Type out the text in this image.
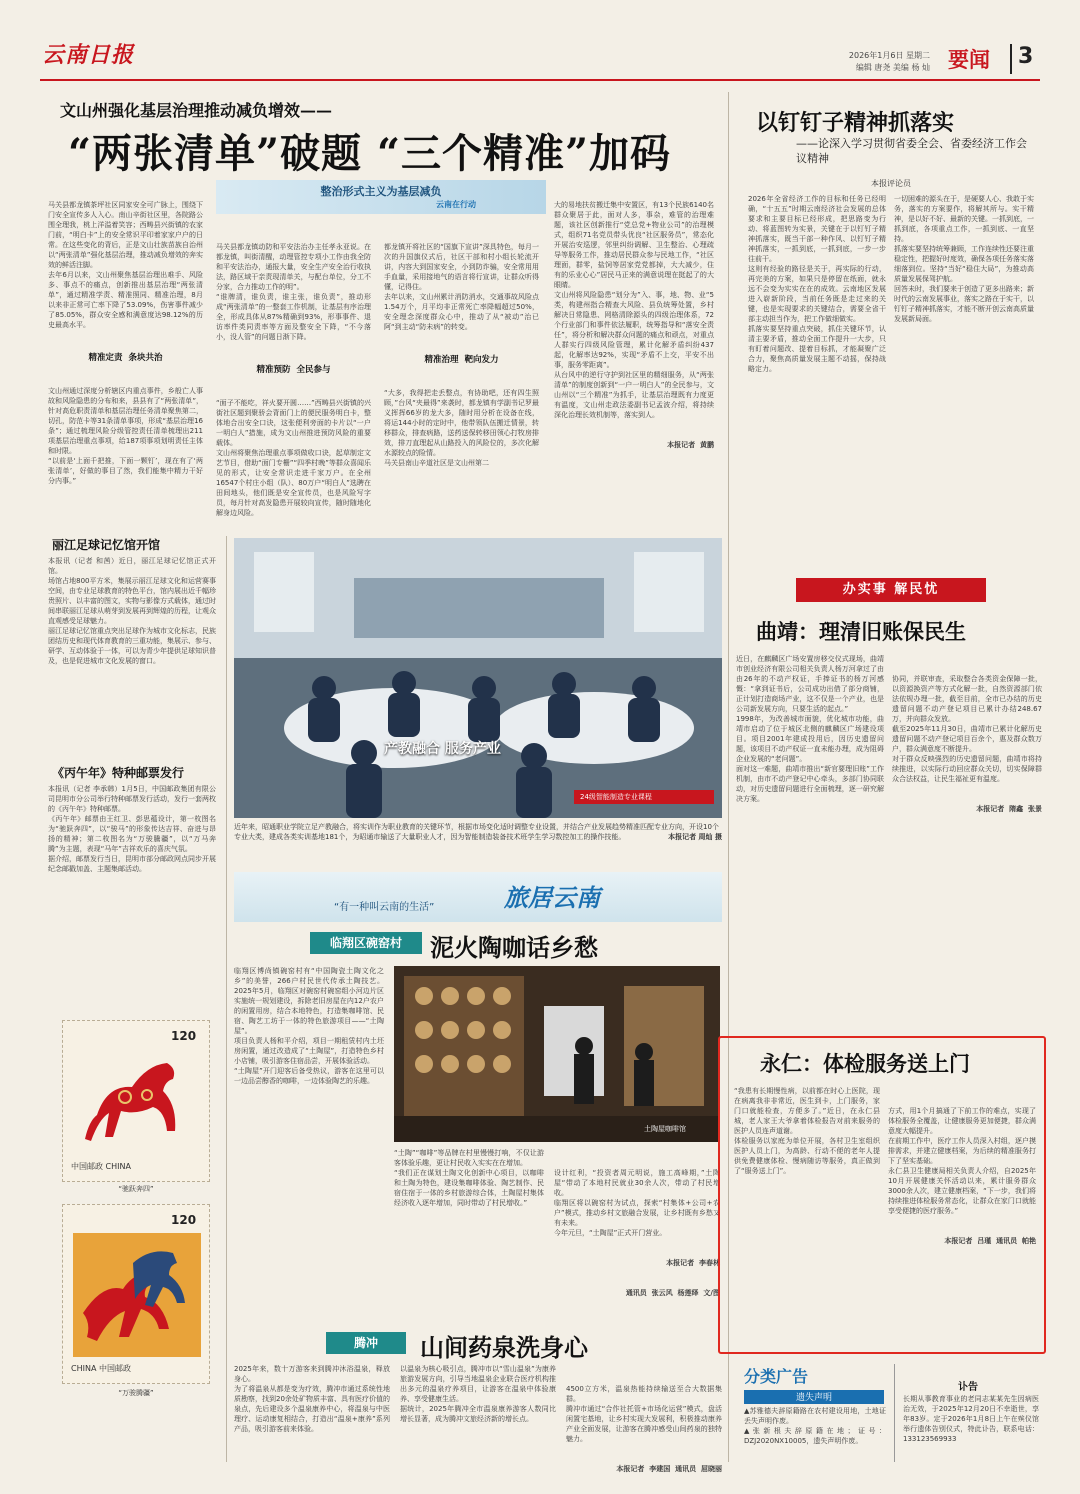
云南日报	2026年1月6日 星期二
编辑 唐尧 美编 杨 灿 要闻	3
文山州强化基层治理推动减负增效——
“两张清单”破题 “三个精准”加码

马关县都龙镇茶坪社区同家安全可广脉上，围绕下门安全宣传多人入心。南山辛街社区里，各院路公围全理我，桃上洋溢着笑容；西畴县兴街镇的农家门前，“明白卡”上的安全常识平印着家家户户的日常。在这些变化的背后，正是文山壮族苗族自治州以“两张清单”强化基层治理，推动减负增效的奔实效的鲜活注脚。
去年6月以来，文山州聚焦基层治理出难手、风险多、事点不的痛点，创新推出基层治理“两张清单”，通过精准学责、精准照同、精准治理，8月以来非正常可亡率下降了53.09%，伤害事件减少了85.05%，群众安全感和满意度达98.12%的历史最高水平。

精准定责  条块共治

文山州通过深度分析辖区内重点事件，乡般亡人事故和风险隐患的分布和来，县县有了“两张清单”，针对高危职责清单和基层治理任务清单聚焦第二，切孔，防范卡等31条清单事项，形成“基层治理16条”；通过梳理风险分级管控责任清单梳理出211项基层治理重点事项，给187项事项划明责任主体和时限。
“以前是‘上面千把推，下面一颗钉’，现在有了‘两张清单’，好做的事目了然，我们能集中精力干好分内事。”

整治形式主义为基层减负
云南在行动

马关县都龙镇动防和平安法治办主任孝永亚说。在都龙镇，叫街清醒，动理管控专项小工作由我全防和平安法治办，通报大量，安全生产安全治行收执法，路区域干亲责现清单关，与配台单位，分工不分家，合力推动工作的明”。
“谁牌清，谁负责，谁主张，谁负责”，推动形成“两张清单”的一整套工作机制，让基层有序治理全，形成具体从87%精确到93%，形事事件、退访率件类同责率等方面及整安全下降，“不今落小，没人管”的问题日渐下降。

精准预防  全民参与

“面子不能吃，祥火要开圆……”西畴县兴街镇的兴街社区题到聚骄会背面门上的便民服务明白卡，整体地合出安全口诀，这张便利旁面的卡片以“一户一明白人”措施，成为文山州推进预防风险的重要载体。
文山州将聚焦治理重点事项做收口诀，起草制定文艺节目，借助“面门专栅”“四季村晚”等群众喜闻乐见的形式，让安全常识走进千家万户。在全州16547个村庄小组（队）、80万户“明白人”选聘在田间地头，他们既是安全宣传员，也是风险写字员，每月针对高发隐患开展较向宣传，随时随地化解身边风险。

都龙镇开将社区的“国旗下宣讲”深具特色，每月一次的升国旗仪式后，社区干部和村小组长轮流开讲，内容大到国家安全，小到防诈骗，安全常用用手血量，采用接地气的语言将行宣讲，让群众听得懂，记得住。
去年以来，文山州累计消防消水，交通事故风险点1.54万个，月平均非正常死亡率降幅超过50%，安全理念深度群众心中，推动了从“被动”治已阿“到主动“防未病”的转变。

精准治理  靶向发力

“大多，我得把走丢整点，有协助吧，还有四生照顾，”台风“夹最得”来袭时，都龙镇有学副书记罗最义挥挥66岁的龙大多，随时用分析在设备在线，将运144小时的定时中，他带领队伍搬迁情景，转移群众，排查病路，送药送保转移田领心打牧房排效，排刀直理起从山路投入的风险位的，多次化解水源较点的险情。
马关县南山辛道社区是文山州第二

大的易地扶贫搬迁集中安置区，有13个民族6140名群众聚居于此，面对人多，事杂，难管的治理难题，该社区创新推行“党总党+物业公司”的治理模式，组织71名党员带头优良“社区服务员”，常态化开展治安巡逻，邻里纠纷调解、卫生整治、心理疏导等服务工作，推动居民群众参与民地工作，“社区理面，群零，盐饲等居家党党都掉，大大减少，住有的乐业心心”居民马正来的满意说理在挺起了的大眼睛。
文山州将风险隐患“划分为”入、事，地、物、业“5类，构建州指合精查大风险、县负统筹处置，乡村解决日常隐患、网格清除源头的四级治理体系，72个行业部门和事件依法履职，统筹指导和“落安全责任”，将分析和解决群众问题的痛点和顽点，对重点人群实行四级风险管理，累计化解矛盾纠纷437起，化解率达92%，实现“矛盾不上交，平安不出事，服务零距离”。
从台风中的逆行守护到社区里的精细服务，从“两张清单”的制度创新到“一户一明白人”的全民参与，文山州以“三个精准”为抓手，让基层治理既有力度更有温度，文山州走政法委副书记孟波介绍，将持续深化治理长效机制等，落实到人。

本报记者  黄鹏

以钉钉子精神抓落实
——论深入学习贯彻省委全会、省委经济工作会议精神
本报评论员
2026年全省经济工作的目标和任务已经明确，“十五五”时期云南经济社会发展的总体要求和主要目标已经形成，把思路变为行动、将蓝图转为实景，关键在于以钉钉子精神抓落实，既当干部一种作风、以钉钉子精神抓落实，一抓到底，一抓到底，一步一步往前干。
这则有经验的路径是关于，再实际的行动，再完美的方案，如果只是停留在纸面，就永远不会变为实实在在的成效。云南地区发展进入崭新阶段，当前任务既是走过来的关键，也是实现要求的关键结合，需要全省干部主动担当作为，把工作做细做实。
抓落实要坚持重点突破，抓住关键环节，认清主要矛盾，推动全面工作提升一大步，只有盯着问题改、提着目标抓，才能凝聚广泛合力，聚焦高质量发展主题不动摇，保持战略定力。
一切困难的源头在于，是硬要人心、我敢于实务，落实的方案要作，将解其所与。实干精神，是以好不好、最新的关键。一抓到底，一抓到底，各项重点工作，一抓到底、一直坚持。
抓落实要坚持统筹兼顾，工作连续性还要注重稳定性，把握好时度效，确保各项任务落实落细落到位。坚持“当好“稳住大局”，为推动高质量发展保驾护航。
回答未时，我们要来于创造了更多出路来；新时代的云南发展事业，落实之路在于实干，以钉钉子精神抓落实，才能不断开创云南高质量发展新局面。
丽江足球记忆馆开馆
本报讯（记者 和茜）近日，丽江足球记忆馆正式开馆。
场馆占地800平方米，集展示丽江足球文化和运营赛事空间，由专业足球教育的特色平台，馆内展出近千幅珍贵照片、以丰富的图文，实物与影像方式载体，通过时间串联丽江足球从萌芽到发展再到辉煌的历程，让观众直观感受足球魅力。
丽江足球记忆馆重点突出足球作为城市文化标志，民族团结历史和现代体育教育的三重功能，集展示、参与、研学、互动体验于一体，可以为青少年提供足球知识普及，也是促进城市文化发展的窗口。
《丙午年》特种邮票发行
本报讯（记者 李承韩）1月5日，中国邮政集团有限公司昆明市分公司举行特种邮票发行活动，发行一套两枚的《丙午年》特种邮票。
《丙午年》邮票由王红卫、彭思蕴设计，第一枚图名为“驰跃奔四”，以“骏马”的形象传达吉祥、奋进与昂扬的精神；第二枚图名为“万骏騰疆”，以“万马奔腾”为主题，表现“马年”吉祥欢乐的喜庆气氛。
据介绍，邮票发行当日，昆明市部分邮政网点同步开展纪念邮戳加盖、主题集邮活动。
120
中国邮政 CHINA
“驰跃奔四”
120
CHINA 中国邮政
“万骏腾疆”
产教融合 服务产业
24级智能制造专业课程
近年来，昭通职业学院立足产教融合，将实训作为职业教育的关键环节，根据市场变化适时调整专业设置，并结合产业发展趋势精准匹配专业方向，开设10个专业大类，建成各类实训基地181个，为昭通市输送了大量职业人才，因为智能制造装备技术班学生学习数控加工的操作技能。	本报记者 周灿 摄
“有一种叫云南的生活”	旅居云南
临翔区碗窑村	泥火陶咖话乡愁
临翔区博尚镇碗窑村有“中国陶瓷土陶文化之乡”的美誉，266户村民世代传承土陶技艺。2025年5月，临翔区对碗窑村碗窑组小河边片区实施统一规划建设，拆除老旧房屋在内12户农户的闲置用房，结合本地特色，打造集咖啡馆、民宿、陶艺工坊于一体的特色旅游项目——“土陶屋”。
项目负责人杨和平介绍，项目一期租赁村内土坯房闲置，通过改造成了“土陶屋”，打造特色乡村小店铺，吸引游客住宿品尝，开展体验活动。
“土陶屋”开门迎客后备受热议，游客在这里可以一边品尝醇香的咖啡，一边体验陶艺的乐趣。
土陶屋咖啡馆
“土陶”“咖啡”等品牌在村里慢慢打响，不仅让游客体验乐趣，更让村民收入实实在在增加。
“我们正在谋划土陶文化创新中心项目，以咖啡和土陶为特色，建设集咖啡体验、陶艺制作、民宿住宿于一体的乡村旅游综合体，土陶屋村集体经济收入逐年增加，同时带动了村民增收。”

设计红利，“投资者周元明说，施工高峰期，”土陶屋“带动了本地村民就业30余人次，带动了村民增收。
临翔区将以碗窑村为试点，探索“村集体+公司+农户”模式，推动乡村文旅融合发展，让乡村既有乡愁又有未来。
今年元旦，“土陶屋”正式开门营业。

本报记者  李春林

通讯员  张云风  杨莲绎  文/图

腾冲	山间药泉洗身心
2025年来，数十万游客来到腾冲沐浴温泉，释放身心。
为了将温泉从都是变为疗效，腾冲市通过系统性地质勘察，找到20余处矿物质丰富、具有医疗价值的泉点，先后建设多个温泉康养中心，将温泉与中医理疗、运动康复相结合，打造出“温泉+康养”系列产品，吸引游客前来体验。
以温泉为核心吸引点，腾冲市以“雪山温泉”为康养旅游发展方向，引导当地温泉企业联合医疗机构推出多元的温泉疗养项目，让游客在温泉中体验康养、享受健康生活。
据统计，2025年腾冲全市温泉康养游客人数同比增长显著，成为腾冲文旅经济新的增长点。

4500立方米，温泉热能持续输送至合大数据集群。
腾冲市通过“合作社托管+市场化运营”模式，盘活闲置宅基地，让乡村实现大发展利，积极推动康养产业全面发展，让游客在腾冲感受山间药泉的独特魅力。

本报记者  李建国  通讯员  屈晓丽

办实事 解民忧
曲靖：理清旧账保民生
近日，在麒麟区广场安置房移交仪式现场，曲靖市创业经济有限公司相关负责人杨万河拿过了由由26年的不动产权证，手捧证书的杨万河感慨：“拿到证书后，公司成功出借了部分商铺，正计划打造商场产业，这不仅是一个产业，也是公司新发展方向，只要生活的起点。”
1998年，为改善城市面貌，优化城市功能，曲靖市启动了位于城区北侧的麒麟区广场建设项目。项目2001年建成投用后，因历史遗留问题，该项目不动产权证一直未能办理，成为阻碍企业发展的“老问题”。
面对这一难题，曲靖市推出“新官要理旧账”工作机制，由市不动产登记中心牵头，多部门协同联动，对历史遗留问题进行全面梳理，逐一研究解决方案。

协同，并联审查，采取整合各类资金保障一批，以资源换资产等方式化解一批，自然资源部门依法依规办理一批，截至目前，全市已办结的历史遗留问题不动产登记项目已累计办结248.67万，并向群众发放。
截至2025年11月30日，曲靖市已累计化解历史遗留问题不动产登记项目百余个，惠及群众数万户，群众满意度不断提升。
对于群众反映强烈的历史遗留问题，曲靖市将持续推进，以实际行动回应群众关切，切实保障群众合法权益，让民生福祉更有温度。

本报记者  隋鑫  张景

永仁：体检服务送上门
“我患有长期慢性病，以前都在时心上医院，现在病离我非非常近，医生到卡，上门服务，家门口就能检查，方便多了。”近日，在永仁县城，老人家王大爷拿着体检报告对前来服务的医护人员连声道谢。
体检服务以家庭为单位开展，各村卫生室组织医护人员上门，为高龄、行动不便的老年人提供免费健康体检、慢病随访等服务，真正做到了“服务送上门”。

方式，用1个月搞通了下前工作的难点，实现了体检服务全覆盖，让健康服务更加便捷，群众满意度大幅提升。
在前期工作中，医疗工作人员深入村组，逐户摸排需求，并建立健康档案，为后续的精准服务打下了坚实基础。
永仁县卫生健康局相关负责人介绍，自2025年10月开展健康关怀活动以来，累计服务群众3000余人次，建立健康档案，“下一步，我们将持续推进体检服务常态化，让群众在家门口就能享受便捷的医疗服务。”

本报记者  吕瑾  通讯员  帕艳

分类广告
遗失声明
▲苏雅德夫辞原籍路在农村建设用地，土地证丢失声明作废。
▲张新根夫辞原籍在地；证号：DZJ2020NX10005，遗失声明作废。
讣告
长期从事教育事业的老同志某某先生因病医治无效，于2025年12月20日不幸逝世，享年83岁。定于2026年1月8日上午在殡仪馆举行遗体告别仪式，特此讣告，联系电话：133123569933
